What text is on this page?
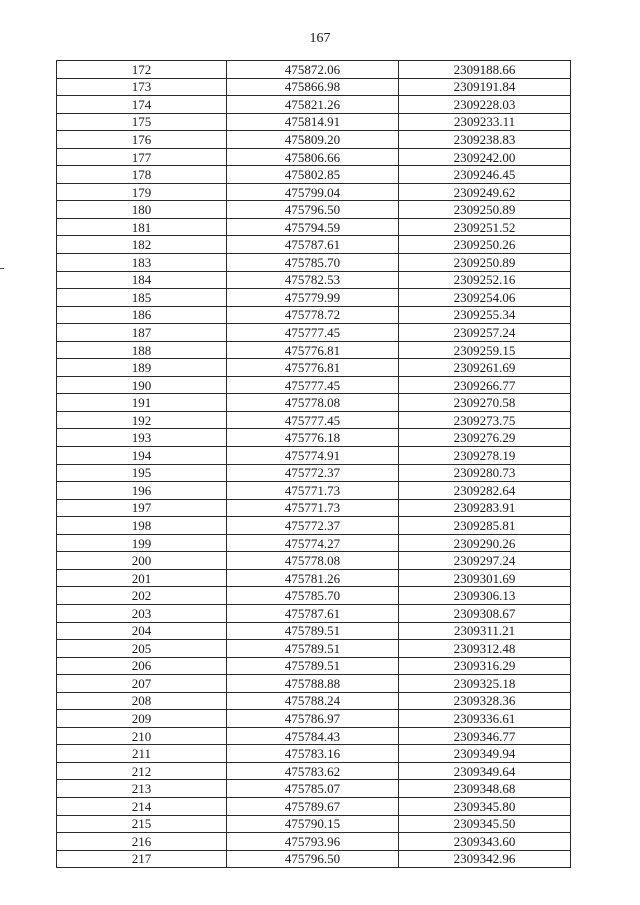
167
172	475872.06	2309188.66
173	475866.98	2309191.84
174	475821.26	2309228.03
175	475814.91	2309233.11
176	475809.20	2309238.83
177	475806.66	2309242.00
178	475802.85	2309246.45
179	475799.04	2309249.62
180	475796.50	2309250.89
181	475794.59	2309251.52
182	475787.61	2309250.26
183	475785.70	2309250.89
184	475782.53	2309252.16
185	475779.99	2309254.06
186	475778.72	2309255.34
187	475777.45	2309257.24
188	475776.81	2309259.15
189	475776.81	2309261.69
190	475777.45	2309266.77
191	475778.08	2309270.58
192	475777.45	2309273.75
193	475776.18	2309276.29
194	475774.91	2309278.19
195	475772.37	2309280.73
196	475771.73	2309282.64
197	475771.73	2309283.91
198	475772.37	2309285.81
199	475774.27	2309290.26
200	475778.08	2309297.24
201	475781.26	2309301.69
202	475785.70	2309306.13
203	475787.61	2309308.67
204	475789.51	2309311.21
205	475789.51	2309312.48
206	475789.51	2309316.29
207	475788.88	2309325.18
208	475788.24	2309328.36
209	475786.97	2309336.61
210	475784.43	2309346.77
211	475783.16	2309349.94
212	475783.62	2309349.64
213	475785.07	2309348.68
214	475789.67	2309345.80
215	475790.15	2309345.50
216	475793.96	2309343.60
217	475796.50	2309342.96
